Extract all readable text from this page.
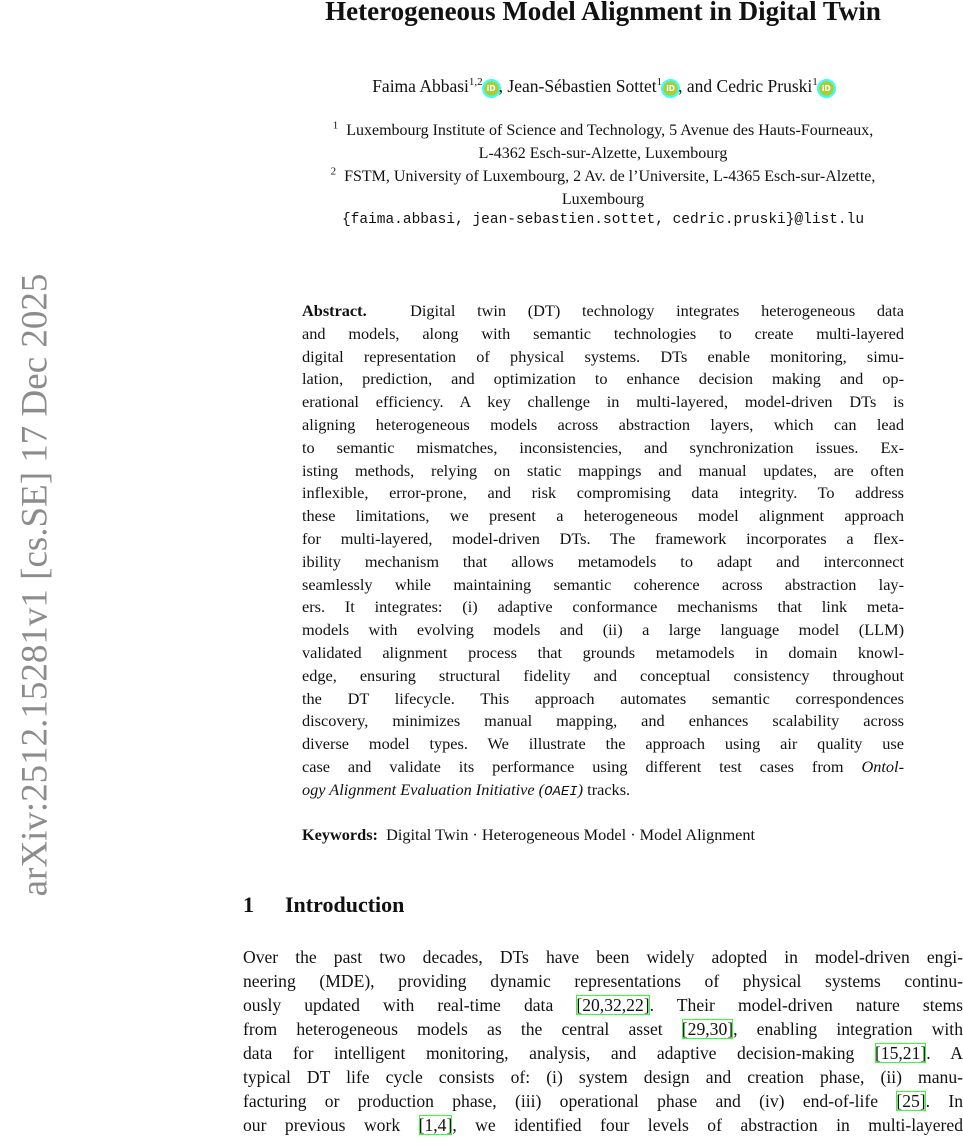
arXiv:2512.15281v1 [cs.SE] 17 Dec 2025
Heterogeneous Model Alignment in Digital Twin
Faima Abbasi$^{1,2}$iD , Jean-Sébastien Sottet$^1$iD , and Cedric Pruski$^1$iD
$^1$ Luxembourg Institute of Science and Technology, 5 Avenue des Hauts-Fourneaux,
L-4362 Esch-sur-Alzette, Luxembourg
$^2$ FSTM, University of Luxembourg, 2 Av. de l’Universite, L-4365 Esch-sur-Alzette,
Luxembourg
{faima.abbasi, jean-sebastien.sottet, cedric.pruski}@list.lu
Abstract.	Digital twin (DT) technology integrates heterogeneous data
and models, along with semantic technologies to create multi-layered
digital representation of physical systems. DTs enable monitoring, simu-
lation, prediction, and optimization to enhance decision making and op-
erational efficiency. A key challenge in multi-layered, model-driven DTs is
aligning heterogeneous models across abstraction layers, which can lead
to semantic mismatches, inconsistencies, and synchronization issues. Ex-
isting methods, relying on static mappings and manual updates, are often
inflexible, error-prone, and risk compromising data integrity. To address
these limitations, we present a heterogeneous model alignment approach
for multi-layered, model-driven DTs. The framework incorporates a flex-
ibility mechanism that allows metamodels to adapt and interconnect
seamlessly while maintaining semantic coherence across abstraction lay-
ers. It integrates: (i) adaptive conformance mechanisms that link meta-
models with evolving models and (ii) a large language model (LLM)
validated alignment process that grounds metamodels in domain knowl-
edge, ensuring structural fidelity and conceptual consistency throughout
the DT lifecycle. This approach automates semantic correspondences
discovery, minimizes manual mapping, and enhances scalability across
diverse model types. We illustrate the approach using air quality use
case and validate its performance using different test cases from Ontol-
ogy Alignment Evaluation Initiative (OAEI) tracks.
Keywords: Digital Twin · Heterogeneous Model · Model Alignment
1 Introduction
Over the past two decades, DTs have been widely adopted in model-driven engi-
neering (MDE), providing dynamic representations of physical systems continu-
ously updated with real-time data [20,32,22]. Their model-driven nature stems
from heterogeneous models as the central asset [29,30], enabling integration with
data for intelligent monitoring, analysis, and adaptive decision-making [15,21]. A
typical DT life cycle consists of: (i) system design and creation phase, (ii) manu-
facturing or production phase, (iii) operational phase and (iv) end-of-life [25]. In
our previous work [1,4], we identified four levels of abstraction in multi-layered
